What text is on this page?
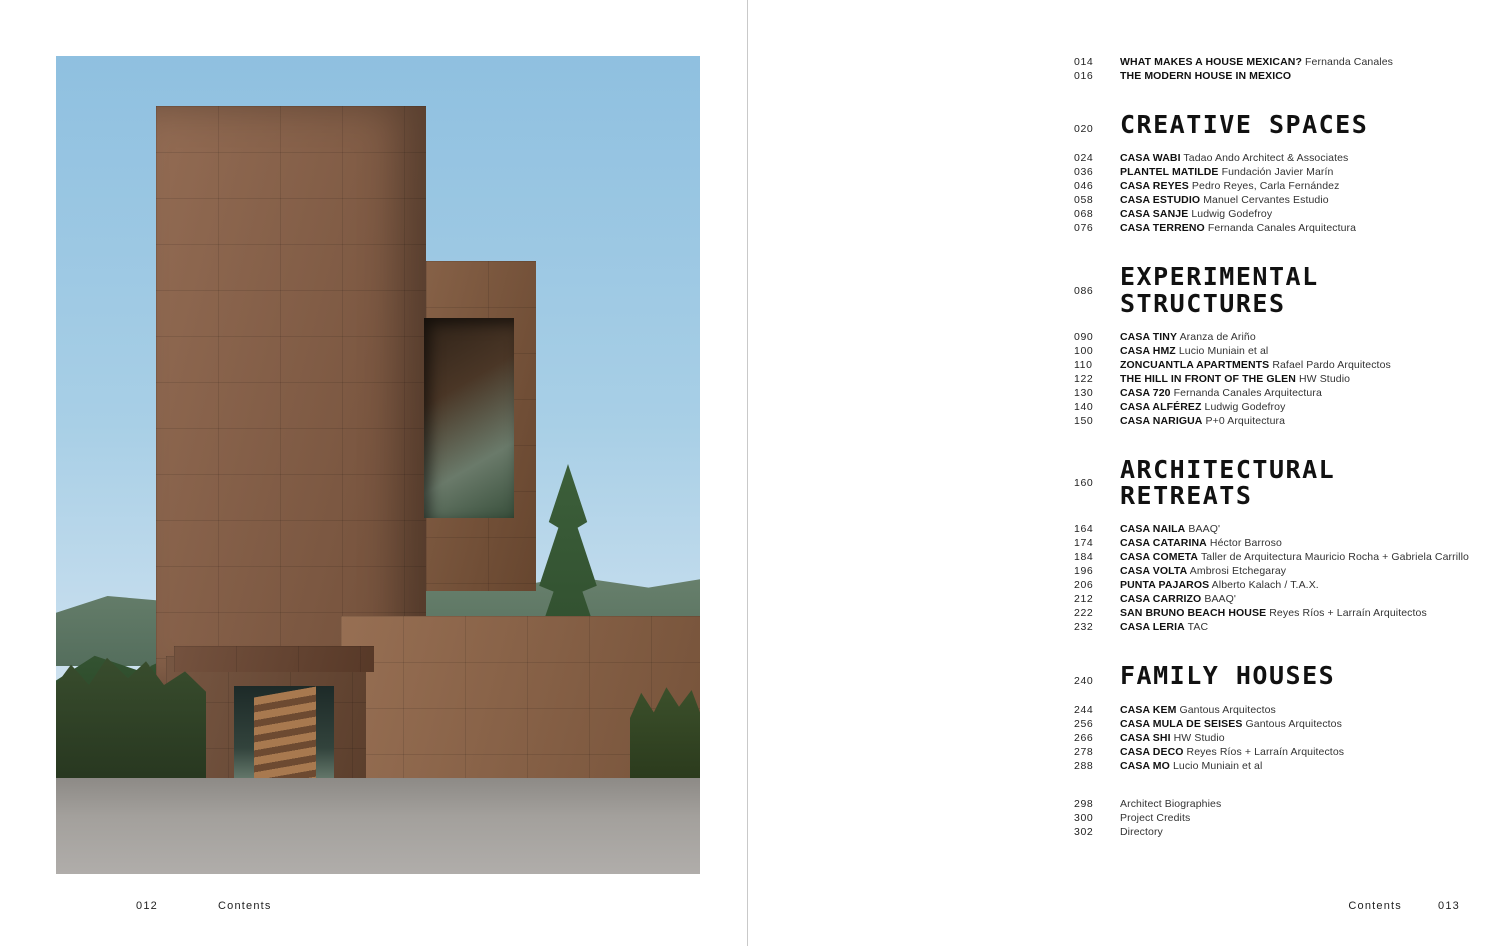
012	Contents
014	WHAT MAKES A HOUSE MEXICAN? Fernanda Canales
016	THE MODERN HOUSE IN MEXICO
020	CREATIVE SPACES
024	CASA WABI Tadao Ando Architect & Associates
036	PLANTEL MATILDE Fundación Javier Marín
046	CASA REYES Pedro Reyes, Carla Fernández
058	CASA ESTUDIO Manuel Cervantes Estudio
068	CASA SANJE Ludwig Godefroy
076	CASA TERRENO Fernanda Canales Arquitectura
086	EXPERIMENTAL
STRUCTURES
090	CASA TINY Aranza de Ariño
100	CASA HMZ Lucio Muniain et al
110	ZONCUANTLA APARTMENTS Rafael Pardo Arquitectos
122	THE HILL IN FRONT OF THE GLEN HW Studio
130	CASA 720 Fernanda Canales Arquitectura
140	CASA ALFÉREZ Ludwig Godefroy
150	CASA NARIGUA P+0 Arquitectura
160	ARCHITECTURAL
RETREATS
164	CASA NAILA BAAQ'
174	CASA CATARINA Héctor Barroso
184	CASA COMETA Taller de Arquitectura Mauricio Rocha + Gabriela Carrillo
196	CASA VOLTA Ambrosi Etchegaray
206	PUNTA PAJAROS Alberto Kalach / T.A.X.
212	CASA CARRIZO BAAQ'
222	SAN BRUNO BEACH HOUSE Reyes Ríos + Larraín Arquitectos
232	CASA LERIA TAC
240	FAMILY HOUSES
244	CASA KEM Gantous Arquitectos
256	CASA MULA DE SEISES Gantous Arquitectos
266	CASA SHI HW Studio
278	CASA DECO Reyes Ríos + Larraín Arquitectos
288	CASA MO Lucio Muniain et al
298	Architect Biographies
300	Project Credits
302	Directory
Contents	013
